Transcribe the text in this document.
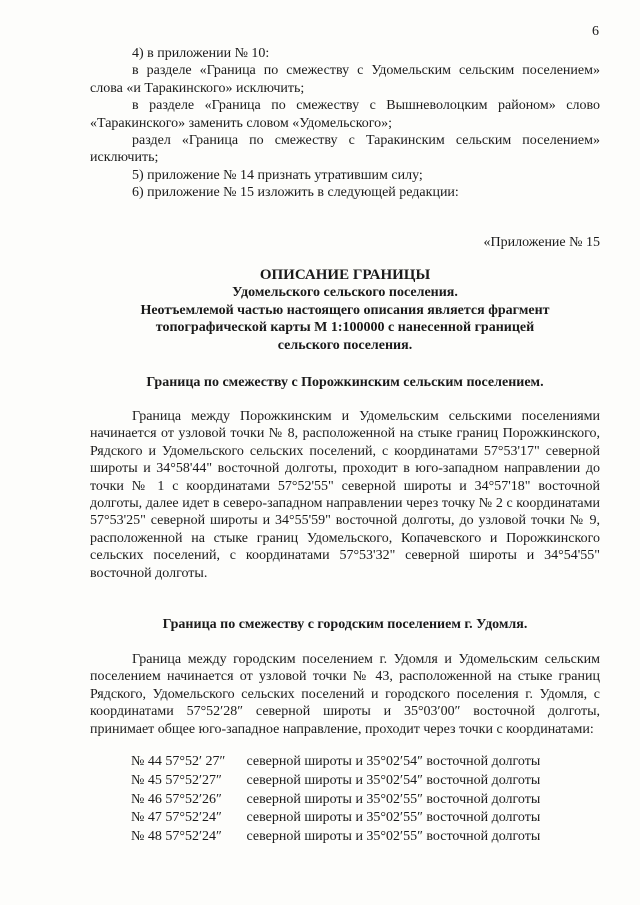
6

4) в приложении № 10:

в разделе «Граница по смежеству с Удомельским сельским поселением» слова «и Таракинского» исключить;

в разделе «Граница по смежеству с Вышневолоцким районом» слово «Таракинского» заменить словом «Удомельского»;

раздел «Граница по смежеству с Таракинским сельским поселением» исключить;

5) приложение № 14 признать утратившим силу;

6) приложение № 15 изложить в следующей редакции:

«Приложение № 15

ОПИСАНИЕ ГРАНИЦЫ

Удомельского сельского поселения.

Неотъемлемой частью настоящего описания является фрагмент

топографической карты М 1:100000 с нанесенной границей

сельского поселения.

Граница по смежеству с Порожкинским сельским поселением.

Граница между Порожкинским и Удомельским сельскими поселениями начинается от узловой точки № 8, расположенной на стыке границ Порожкинского, Рядского и Удомельского сельских поселений, с координатами 57°53'17" северной широты и 34°58'44" восточной долготы, проходит в юго-западном направлении до точки № 1 с координатами 57°52'55" северной широты и 34°57'18" восточной долготы, далее идет в северо-западном направлении через точку № 2 с координатами 57°53'25" северной широты и 34°55'59" восточной долготы, до узловой точки № 9, расположенной на стыке границ Удомельского, Копачевского и Порожкинского сельских поселений, с координатами 57°53'32" северной широты и 34°54'55" восточной долготы.

Граница по смежеству с городским поселением г. Удомля.

Граница между городским поселением г. Удомля и Удомельским сельским поселением начинается от узловой точки № 43, расположенной на стыке границ Рядского, Удомельского сельских поселений и городского поселения г. Удомля, с координатами 57°52′28″ северной широты и 35°03′00″ восточной долготы, принимает общее юго-западное направление, проходит через точки с координатами:

№ 44 57°52′ 27″ северной широты и 35°02′54″ восточной долготы
№ 45 57°52′27″ северной широты и 35°02′54″ восточной долготы
№ 46 57°52′26″ северной широты и 35°02′55″ восточной долготы
№ 47 57°52′24″ северной широты и 35°02′55″ восточной долготы
№ 48 57°52′24″ северной широты и 35°02′55″ восточной долготы
